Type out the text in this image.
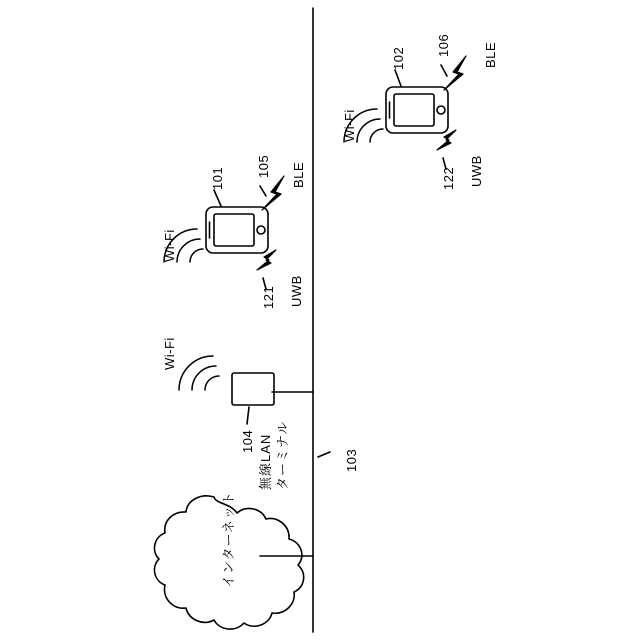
BLE
106
102
Wi-Fi
UWB
122
BLE
105
101
Wi-Fi
UWB
121
Wi-Fi
104
103
無線LAN ターミナル
インターネット
